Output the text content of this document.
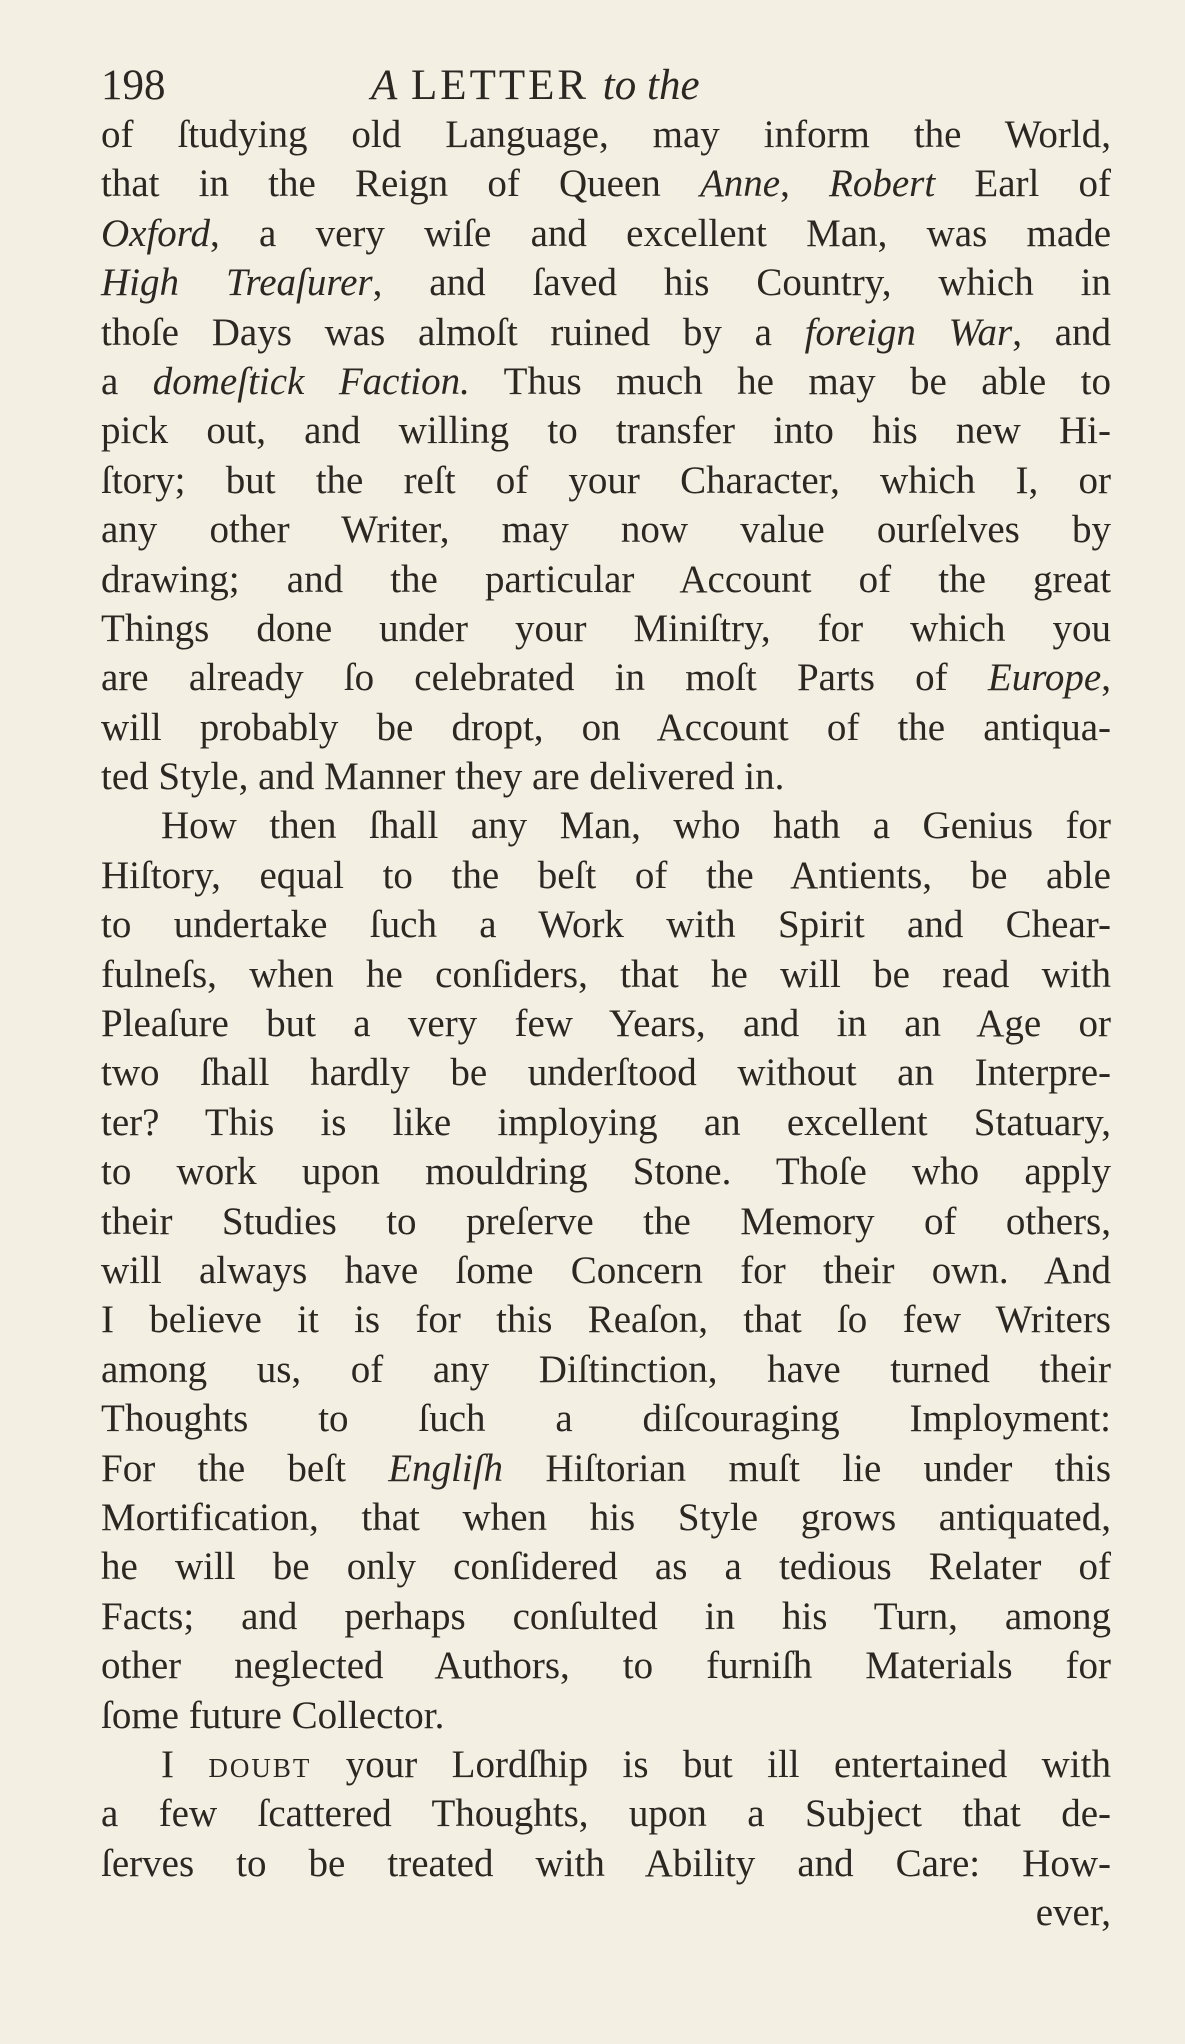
198	A LETTER to the
of ſtudying old Language, may inform the World,
that in the Reign of Queen Anne, Robert Earl of
Oxford, a very wiſe and excellent Man, was made
High Treaſurer, and ſaved his Country, which in
thoſe Days was almoſt ruined by a foreign War, and
a domeſtick Faction. Thus much he may be able to
pick out, and willing to transfer into his new Hi-
ſtory; but the reſt of your Character, which I, or
any other Writer, may now value ourſelves by
drawing; and the particular Account of the great
Things done under your Miniſtry, for which you
are already ſo celebrated in moſt Parts of Europe,
will probably be dropt, on Account of the antiqua-
ted Style, and Manner they are delivered in.
How then ſhall any Man, who hath a Genius for
Hiſtory, equal to the beſt of the Antients, be able
to undertake ſuch a Work with Spirit and Chear-
fulneſs, when he conſiders, that he will be read with
Pleaſure but a very few Years, and in an Age or
two ſhall hardly be underſtood without an Interpre-
ter? This is like imploying an excellent Statuary,
to work upon mouldring Stone. Thoſe who apply
their Studies to preſerve the Memory of others,
will always have ſome Concern for their own. And
I believe it is for this Reaſon, that ſo few Writers
among us, of any Diſtinction, have turned their
Thoughts to ſuch a diſcouraging Imployment:
For the beſt Engliſh Hiſtorian muſt lie under this
Mortification, that when his Style grows antiquated,
he will be only conſidered as a tedious Relater of
Facts; and perhaps conſulted in his Turn, among
other neglected Authors, to furniſh Materials for
ſome future Collector.
I DOUBT your Lordſhip is but ill entertained with
a few ſcattered Thoughts, upon a Subject that de-
ſerves to be treated with Ability and Care: How-
ever,
